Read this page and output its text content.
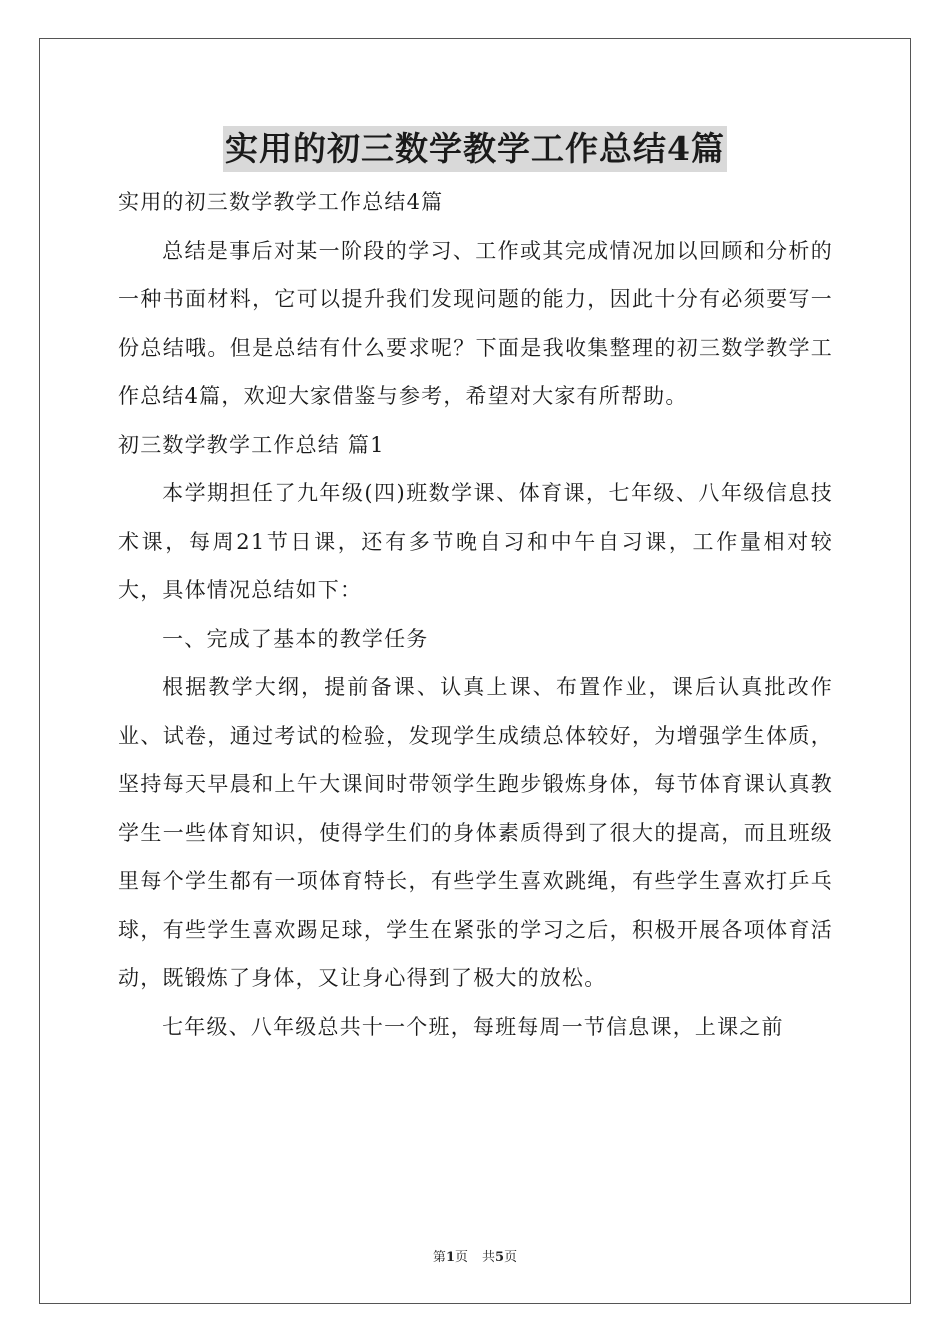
实用的初三数学教学工作总结4篇

实用的初三数学教学工作总结4篇

总结是事后对某一阶段的学习、工作或其完成情况加以回顾和分析的一种书面材料，它可以提升我们发现问题的能力，因此十分有必须要写一份总结哦。但是总结有什么要求呢？下面是我收集整理的初三数学教学工作总结4篇，欢迎大家借鉴与参考，希望对大家有所帮助。

初三数学教学工作总结 篇1

本学期担任了九年级(四)班数学课、体育课，七年级、八年级信息技术课，每周21节日课，还有多节晚自习和中午自习课，工作量相对较大，具体情况总结如下：

一、完成了基本的教学任务

根据教学大纲，提前备课、认真上课、布置作业，课后认真批改作业、试卷，通过考试的检验，发现学生成绩总体较好，为增强学生体质，坚持每天早晨和上午大课间时带领学生跑步锻炼身体，每节体育课认真教学生一些体育知识，使得学生们的身体素质得到了很大的提高，而且班级里每个学生都有一项体育特长，有些学生喜欢跳绳，有些学生喜欢打乒乓球，有些学生喜欢踢足球，学生在紧张的学习之后，积极开展各项体育活动，既锻炼了身体，又让身心得到了极大的放松。

七年级、八年级总共十一个班，每班每周一节信息课，上课之前

第1页 共5页
